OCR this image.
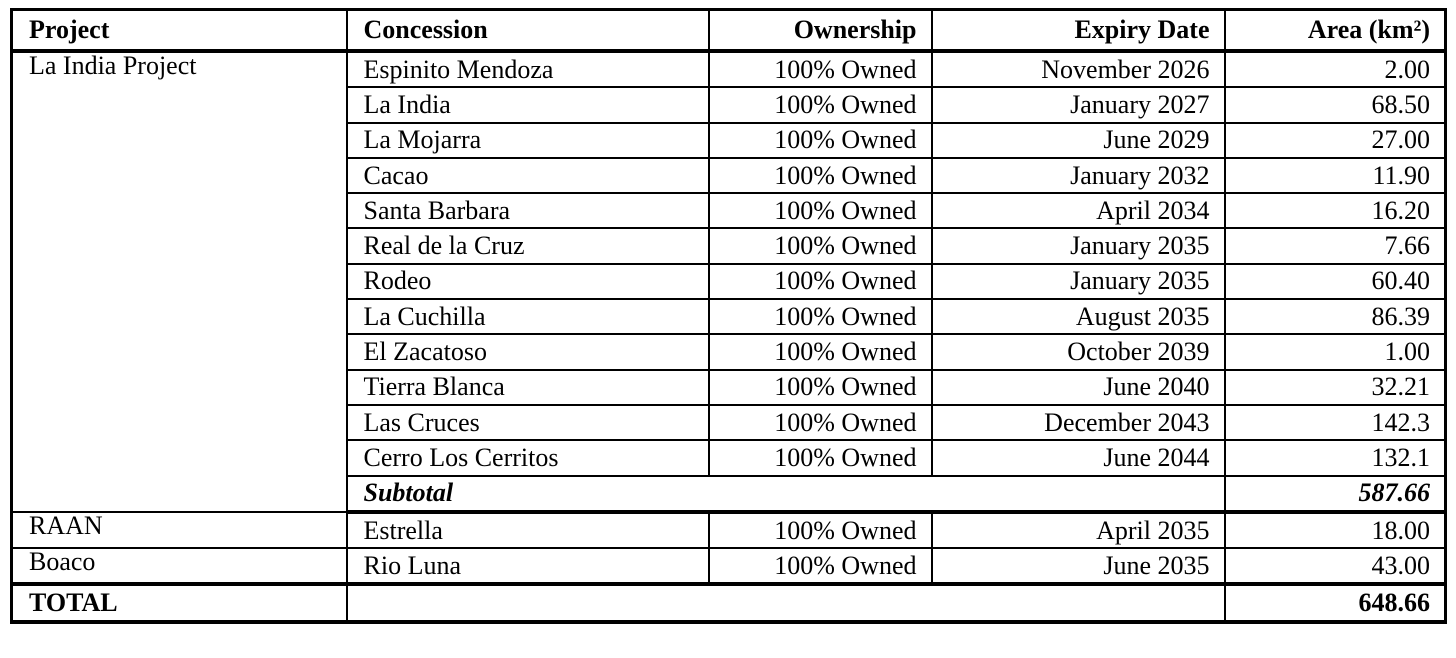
Project	Concession	Ownership	Expiry Date	Area (km²)
La India Project	Espinito Mendoza	100% Owned	November 2026	2.00
	La India	100% Owned	January 2027	68.50
	La Mojarra	100% Owned	June 2029	27.00
	Cacao	100% Owned	January 2032	11.90
	Santa Barbara	100% Owned	April 2034	16.20
	Real de la Cruz	100% Owned	January 2035	7.66
	Rodeo	100% Owned	January 2035	60.40
	La Cuchilla	100% Owned	August 2035	86.39
	El Zacatoso	100% Owned	October 2039	1.00
	Tierra Blanca	100% Owned	June 2040	32.21
	Las Cruces	100% Owned	December 2043	142.3
	Cerro Los Cerritos	100% Owned	June 2044	132.1
	Subtotal			587.66
RAAN	Estrella	100% Owned	April 2035	18.00
Boaco	Rio Luna	100% Owned	June 2035	43.00
TOTAL				648.66
